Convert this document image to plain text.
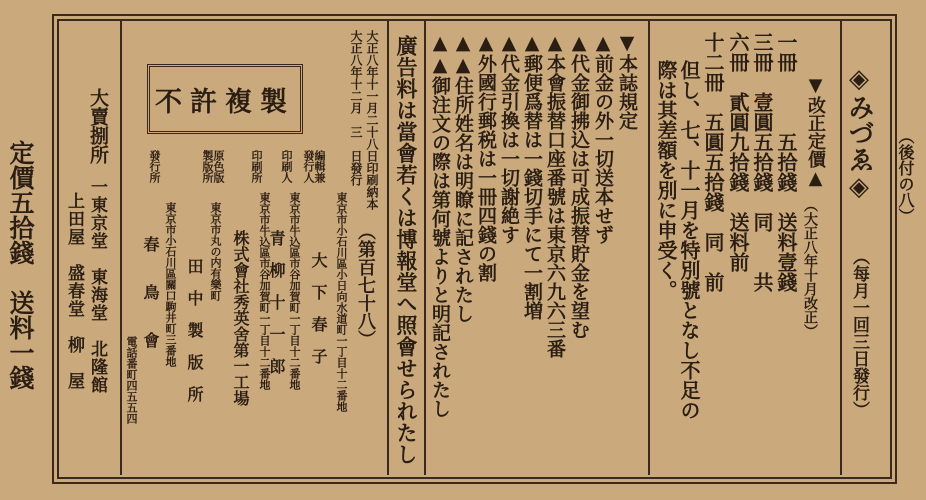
定價五拾錢　送料一錢
大賣捌所
一東京堂　東海堂　北隆館
上田屋　盛春堂　柳　屋
不許複製	大正八年十一月二十八日印刷納本
大正八年十二月　三　日發行
（第百七十八）
編輯兼發行人
東京市小石川區小日向水道町一丁目十二番地
大　下　春　子
印刷人
東京市牛込區市谷加賀町一丁目十二番地
青　柳　十　一　郎
印刷所
東京市牛込區市谷加賀町一丁目十二番地
株式會社秀英舍第一工場
原色版製版所
東京市丸の内有樂町
田　中　製　版　所
發行所
東京市小石川區關口駒井町三番地
春　　鳥　　會
電話番町四五五四	廣告料は當會若くは博報堂へ照會せられたし ▲▲御注文の際は第何號よりと明記されたし ▲▲住所姓名は明瞭に記されたし ▲外國行郵税は一冊四錢の割 ▲代金引換は一切謝絶す ▲郵便爲替は一錢切手にて一割増 ▲本會振替口座番號は東京六九六三番 ▲代金御拂込は可成振替貯金を望む ▲前金の外一切送本せず ▼本誌規定 際は其差額を別に申受く。 但し、七、十一月を特別號となし不足の 十二冊　五圓五拾錢　同　前 六冊　貳圓九拾錢　送料前 三冊　壹圓五拾錢　同　　共 一冊　　　五拾錢　送料壹錢 （大正八年十月改正）
▼改正定價▲ ◈みづゑ◈
（每月一回三日發行）
（後付の八）
